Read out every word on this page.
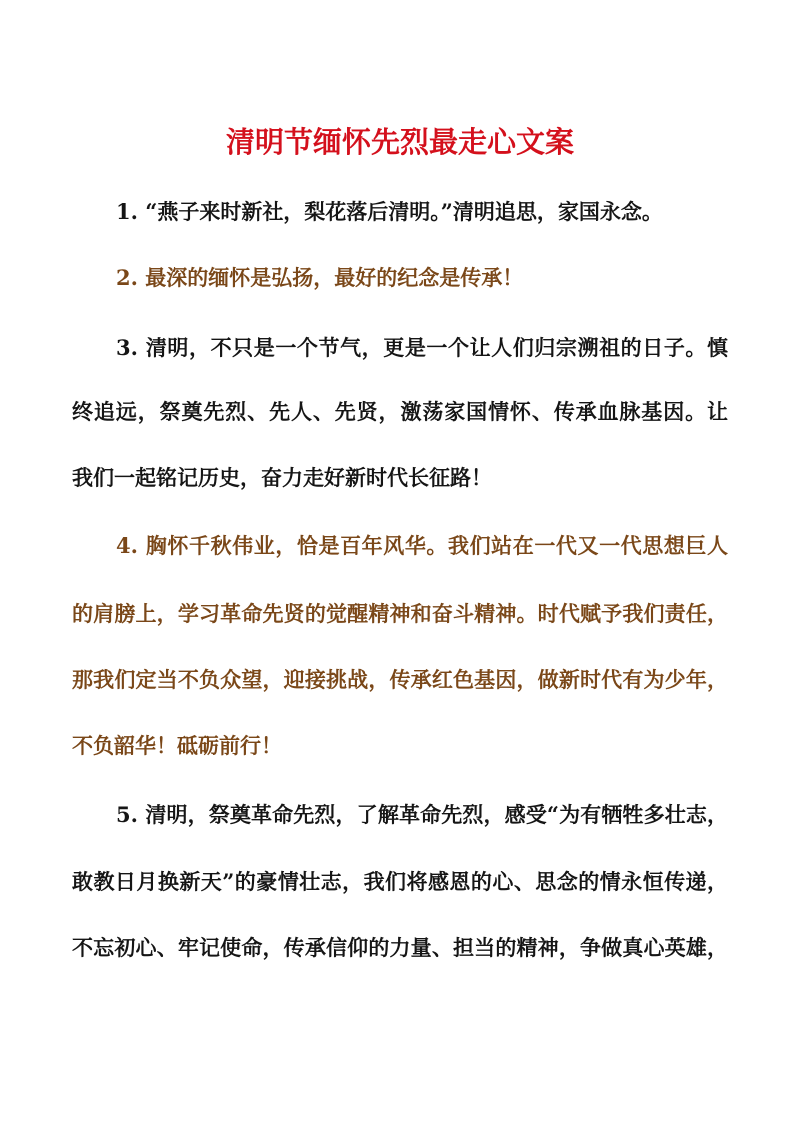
清明节缅怀先烈最走心文案
1. “燕子来时新社，梨花落后清明。”清明追思，家国永念。
2. 最深的缅怀是弘扬，最好的纪念是传承！
3. 清明，不只是一个节气，更是一个让人们归宗溯祖的日子。慎
终追远，祭奠先烈、先人、先贤，激荡家国情怀、传承血脉基因。让
我们一起铭记历史，奋力走好新时代长征路！
4. 胸怀千秋伟业，恰是百年风华。我们站在一代又一代思想巨人
的肩膀上，学习革命先贤的觉醒精神和奋斗精神。时代赋予我们责任，
那我们定当不负众望，迎接挑战，传承红色基因，做新时代有为少年，
不负韶华！砥砺前行！
5. 清明，祭奠革命先烈，了解革命先烈，感受“为有牺牲多壮志，
敢教日月换新天”的豪情壮志，我们将感恩的心、思念的情永恒传递，
不忘初心、牢记使命，传承信仰的力量、担当的精神，争做真心英雄，
